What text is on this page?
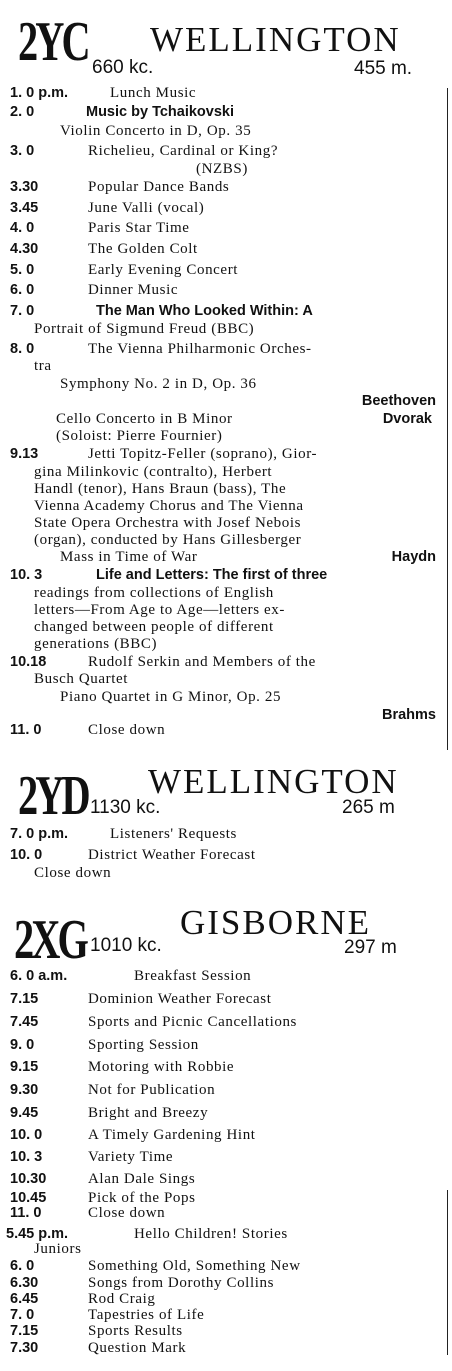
2YC 660 kc.
WELLINGTON
455 m.
1. 0 p.m.	Lunch Music
2. 0	Music by Tchaikovski
Violin Concerto in D, Op. 35
3. 0	Richelieu, Cardinal or King?
(NZBS)
3.30	Popular Dance Bands
3.45	June Valli (vocal)
4. 0	Paris Star Time
4.30	The Golden Colt
5. 0	Early Evening Concert
6. 0	Dinner Music
7. 0	The Man Who Looked Within: A
Portrait of Sigmund Freud (BBC)
8. 0	The Vienna Philharmonic Orches-
tra
Symphony No. 2 in D, Op. 36
Beethoven
Cello Concerto in B Minor	Dvorak
(Soloist: Pierre Fournier)
9.13	Jetti Topitz-Feller (soprano), Gior-
gina Milinkovic (contralto), Herbert
Handl (tenor), Hans Braun (bass), The
Vienna Academy Chorus and The Vienna
State Opera Orchestra with Josef Nebois
(organ), conducted by Hans Gillesberger
Mass in Time of War	Haydn
10. 3	Life and Letters: The first of three
readings from collections of English
letters—From Age to Age—letters ex-
changed between people of different
generations (BBC)
10.18	Rudolf Serkin and Members of the
Busch Quartet
Piano Quartet in G Minor, Op. 25
Brahms
11. 0	Close down
2YD 1130 kc.
WELLINGTON
265 m
7. 0 p.m.	Listeners' Requests
10. 0	District Weather Forecast
Close down
2XG 1010 kc.
GISBORNE
297 m
6. 0 a.m.	Breakfast Session
7.15	Dominion Weather Forecast
7.45	Sports and Picnic Cancellations
9. 0	Sporting Session
9.15	Motoring with Robbie
9.30	Not for Publication
9.45	Bright and Breezy
10. 0	A Timely Gardening Hint
10. 3	Variety Time
10.30	Alan Dale Sings
10.45	Pick of the Pops
11. 0	Close down
5.45 p.m.	Hello Children! Stories
Juniors
6. 0	Something Old, Something New
6.30	Songs from Dorothy Collins
6.45	Rod Craig
7. 0	Tapestries of Life
7.15	Sports Results
7.30	Question Mark
